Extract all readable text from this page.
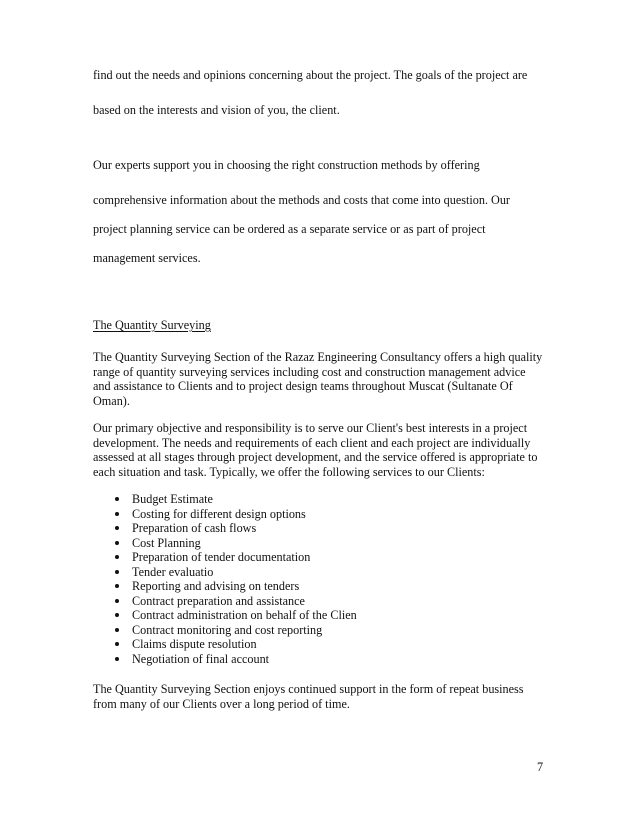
find out the needs and opinions concerning about the project. The goals of the project are
based on the interests and vision of you, the client.
Our experts support you in choosing the right construction methods by offering
comprehensive information about the methods and costs that come into question. Our
project planning service can be ordered as a separate service or as part of project
management services.
The Quantity Surveying

The Quantity Surveying Section of the Razaz Engineering Consultancy offers a high quality range of quantity surveying services including cost and construction management advice and assistance to Clients and to project design teams throughout Muscat (Sultanate Of Oman).

Our primary objective and responsibility is to serve our Client's best interests in a project development. The needs and requirements of each client and each project are individually assessed at all stages through project development, and the service offered is appropriate to each situation and task. Typically, we offer the following services to our Clients:

Budget Estimate
Costing for different design options
Preparation of cash flows
Cost Planning
Preparation of tender documentation
Tender evaluatio
Reporting and advising on tenders
Contract preparation and assistance
Contract administration on behalf of the Clien
Contract monitoring and cost reporting
Claims dispute resolution
Negotiation of final account

The Quantity Surveying Section enjoys continued support in the form of repeat business from many of our Clients over a long period of time.

7
